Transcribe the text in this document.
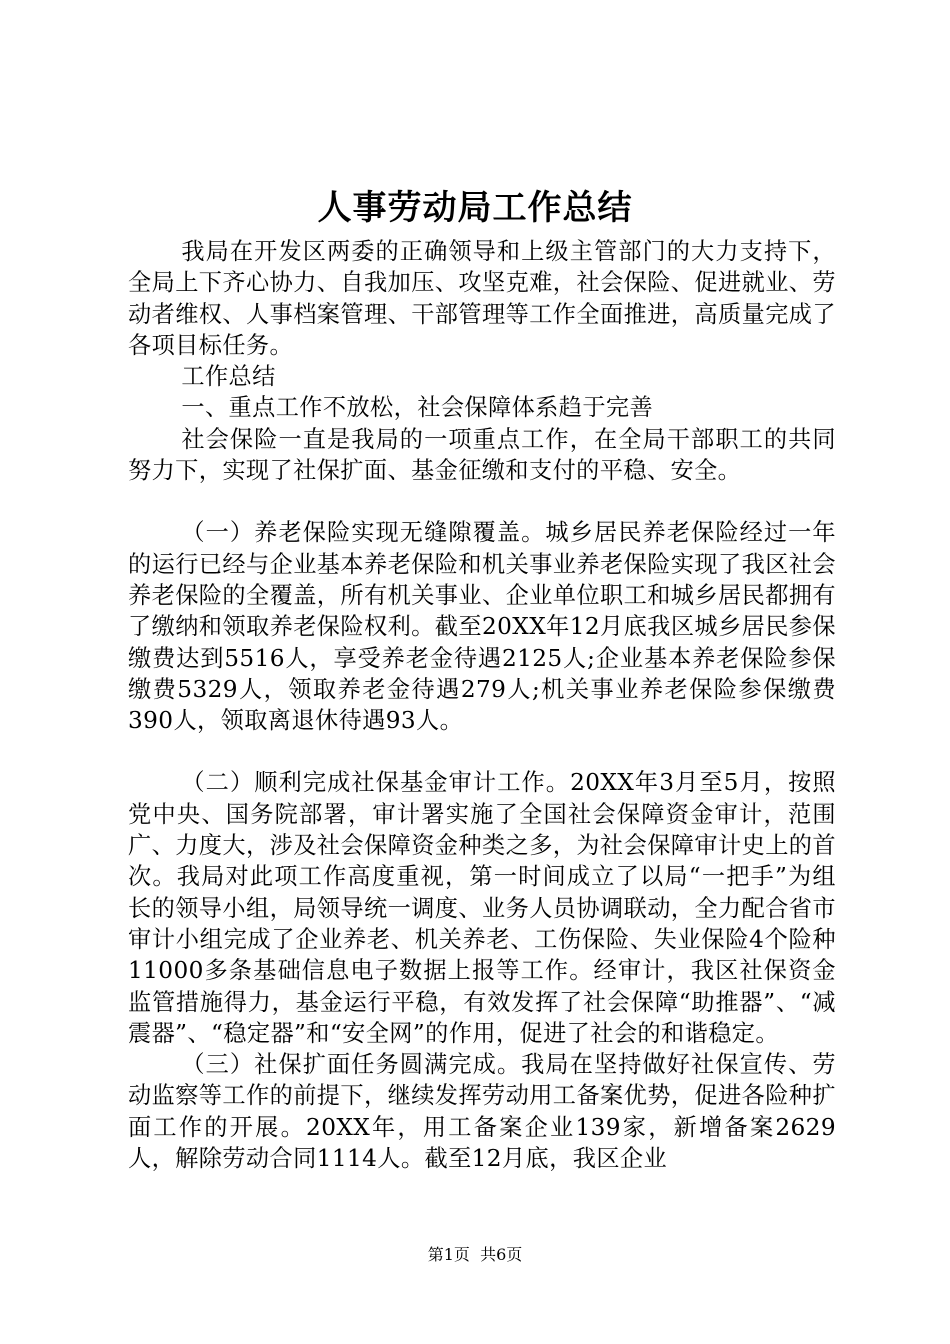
人事劳动局工作总结

我局在开发区两委的正确领导和上级主管部门的大力支持下，全局上下齐心协力、自我加压、攻坚克难，社会保险、促进就业、劳动者维权、人事档案管理、干部管理等工作全面推进，高质量完成了各项目标任务。

工作总结

一、重点工作不放松，社会保障体系趋于完善

社会保险一直是我局的一项重点工作，在全局干部职工的共同努力下，实现了社保扩面、基金征缴和支付的平稳、安全。

（一）养老保险实现无缝隙覆盖。城乡居民养老保险经过一年的运行已经与企业基本养老保险和机关事业养老保险实现了我区社会养老保险的全覆盖，所有机关事业、企业单位职工和城乡居民都拥有了缴纳和领取养老保险权利。截至20XX年12月底我区城乡居民参保缴费达到5516人，享受养老金待遇2125人;企业基本养老保险参保缴费5329人，领取养老金待遇279人;机关事业养老保险参保缴费390人，领取离退休待遇93人。

（二）顺利完成社保基金审计工作。20XX年3月至5月，按照党中央、国务院部署，审计署实施了全国社会保障资金审计，范围广、力度大，涉及社会保障资金种类之多，为社会保障审计史上的首次。我局对此项工作高度重视，第一时间成立了以局“一把手”为组长的领导小组，局领导统一调度、业务人员协调联动，全力配合省市审计小组完成了企业养老、机关养老、工伤保险、失业保险4个险种11000多条基础信息电子数据上报等工作。经审计，我区社保资金监管措施得力，基金运行平稳，有效发挥了社会保障“助推器”、“减震器”、“稳定器”和“安全网”的作用，促进了社会的和谐稳定。

（三）社保扩面任务圆满完成。我局在坚持做好社保宣传、劳动监察等工作的前提下，继续发挥劳动用工备案优势，促进各险种扩面工作的开展。20XX年，用工备案企业139家，新增备案2629人，解除劳动合同1114人。截至12月底，我区企业

第1页  共6页
